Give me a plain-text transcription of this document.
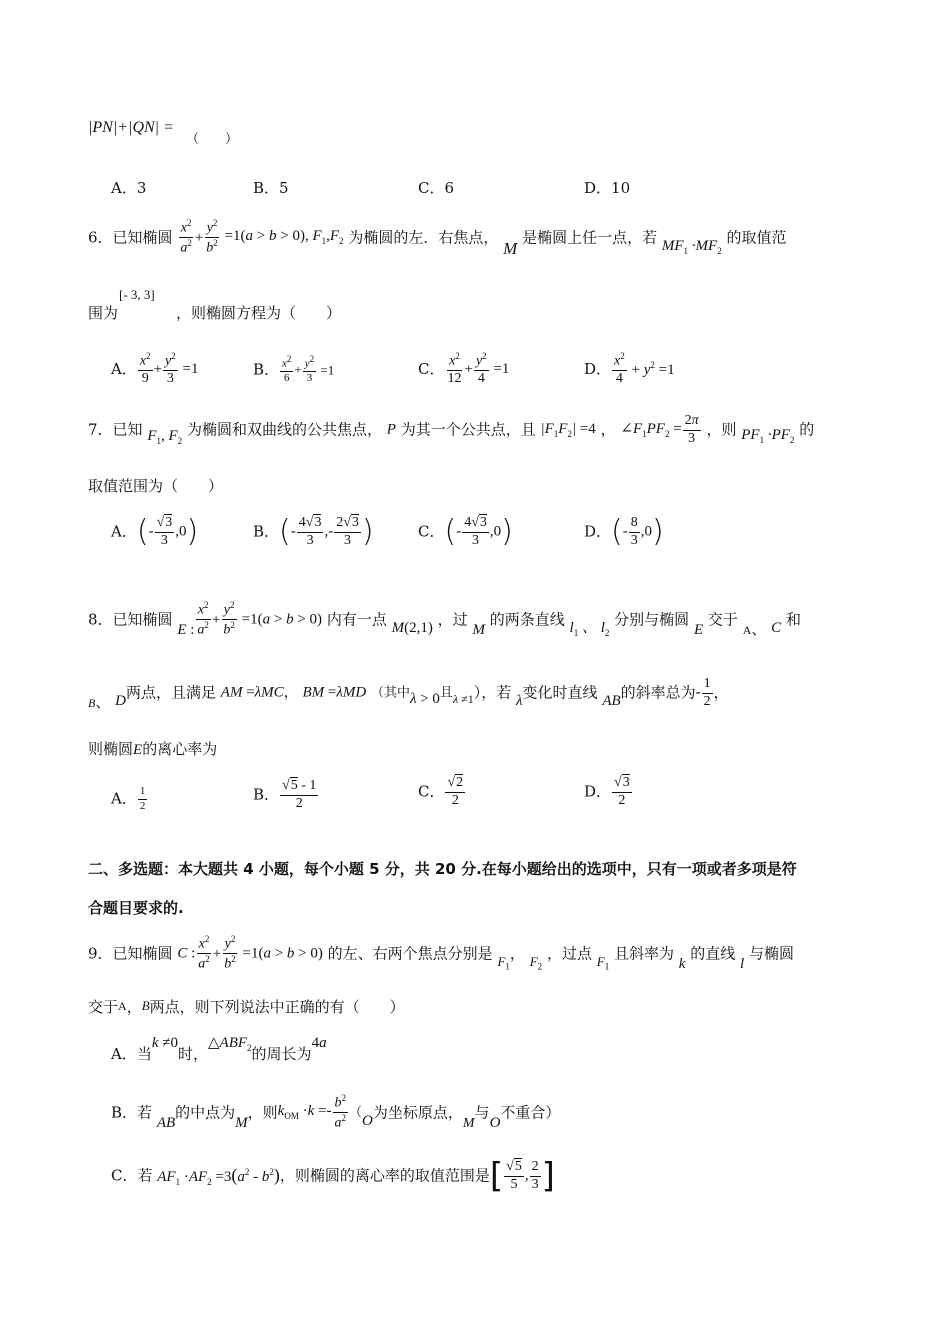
|PN|+|QN| =
（　　）
A．3	B．5	C．6	D．10
6．已知椭圆 $\frac{x^2}{a^2} + \frac{y^2}{b^2} =1(a > b > 0)$, $F_1,F_2$ 为椭圆的左．右焦点， M 是椭圆上任一点，若 $MF_1 \cdot MF_2$ 的取值范
[- 3, 3]
围为	，则椭圆方程为（　　）
A． $\frac{x^2}{9} + \frac{y^2}{3} =1$	B． $\frac{x^2}{6} + \frac{y^2}{3} =1$	C． $\frac{x^2}{12} + \frac{y^2}{4} =1$	D． $\frac{x^2}{4} + y^2 =1$
7．已知 $F_1$, $F_2$ 为椭圆和双曲线的公共焦点， P 为其一个公共点，且 $|F_1F_2| =4$ ， $\angle F_1PF_2 = \frac{2\pi}{3}$ ，则 $PF_1 \cdot PF_2$ 的
取值范围为（　　）
A．(- $\frac{√3}{3} ,0$)	B．(- $\frac{4√3}{3}$ ,- $\frac{2√3}{3}$ )	C．(- $\frac{4√3}{3} ,0$)	D．(- $\frac{8}{3} ,0$)
8．已知椭圆 E : $\frac{x^2}{a^2} + \frac{y^2}{b^2} =1(a > b > 0)$ 内有一点 M(2,1) ，过 M 的两条直线 $l_1$ 、 $l_2$ 分别与椭圆 E 交于 $_A$、 C 和
$_B$、 D两点，且满足 AM =λMC， BM =λMD （其中λ > 0且$_{\lambda \ne 1}$），若 λ变化时直线 AB的斜率总为- $\frac{1}{2}$ ，
则椭圆E的离心率为
A． $\frac{1}{2}$	B． $\frac{√5 - 1}{2}$	C． $\frac{√2}{2}$	D． $\frac{√3}{2}$
二、多选题：本大题共 4 小题，每个小题 5 分，共 20 分.在每小题给出的选项中，只有一项或者多项是符
合题目要求的.
9．已知椭圆 C : $\frac{x^2}{a^2} + \frac{y^2}{b^2} =1(a > b > 0)$ 的左、右两个焦点分别是 $F_1$， $F_2$ ，过点 $F_1$ 且斜率为 k 的直线 l 与椭圆
交于A，B两点，则下列说法中正确的有（　　）
A．当k ≠0时，$\triangle ABF_2$的周长为4a
B．若 AB的中点为M，则$k_{OM} \cdot k =- \frac{b^2}{a^2} (O$为坐标原点，M与O不重合）
C．若 $AF_1 \cdot AF_2 =3(a^2 - b^2)$，则椭圆的离心率的取值范围是[ $\frac{√5}{5}$ , $\frac{2}{3}$ ]
